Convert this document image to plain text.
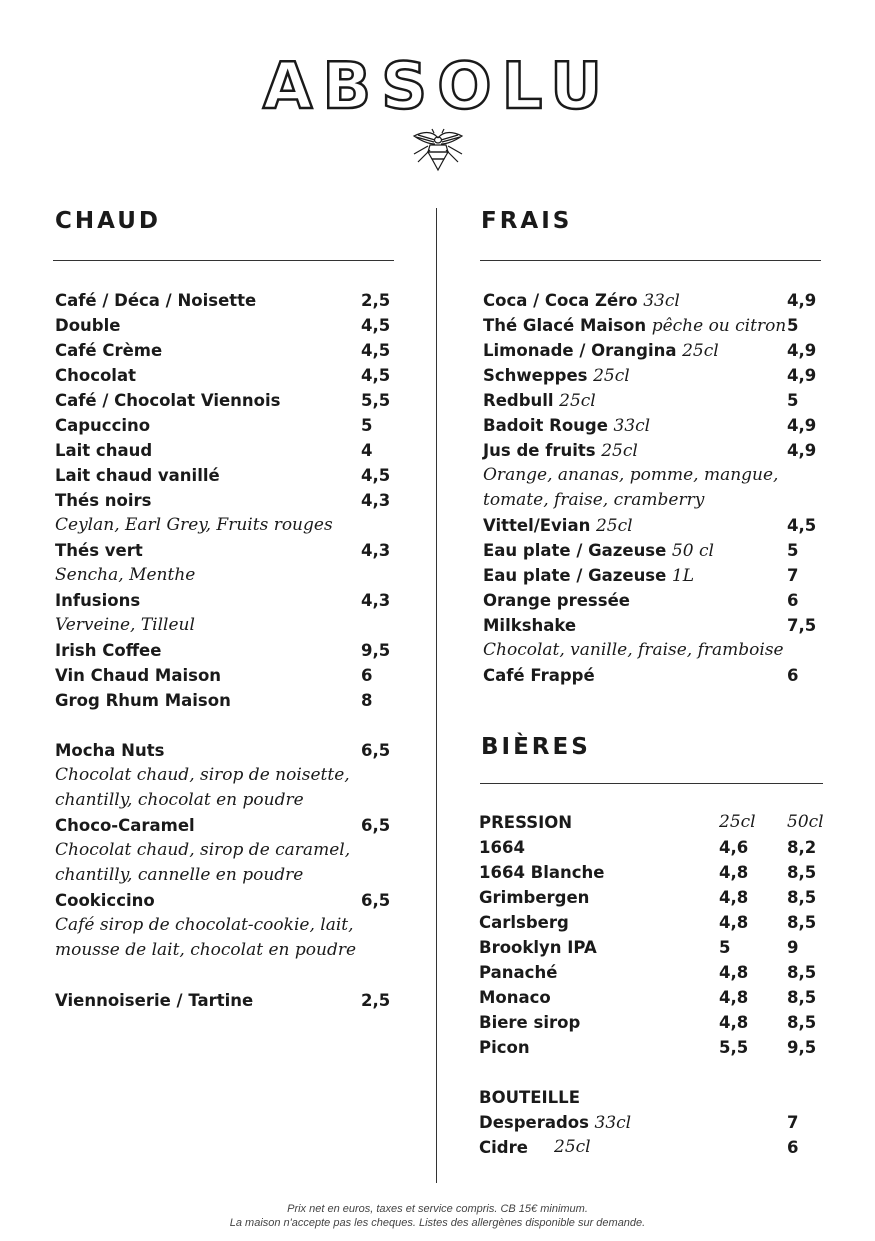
ABSOLU
CHAUD
Café / Déca / Noisette	2,5
Double	4,5
Café Crème	4,5
Chocolat	4,5
Café / Chocolat Viennois	5,5
Capuccino	5
Lait chaud	4
Lait chaud vanillé	4,5
Thés noirs	4,3
Ceylan, Earl Grey, Fruits rouges
Thés vert	4,3
Sencha, Menthe
Infusions	4,3
Verveine, Tilleul
Irish Coffee	9,5
Vin Chaud Maison	6
Grog Rhum Maison	8
Mocha Nuts	6,5
Chocolat chaud, sirop de noisette,
chantilly, chocolat en poudre
Choco-Caramel	6,5
Chocolat chaud, sirop de caramel,
chantilly, cannelle en poudre
Cookiccino	6,5
Café sirop de chocolat-cookie, lait,
mousse de lait, chocolat en poudre
Viennoiserie / Tartine	2,5
FRAIS
Coca / Coca Zéro 33cl	4,9
Thé Glacé Maison pêche ou citron 5
Limonade / Orangina 25cl	4,9
Schweppes 25cl	4,9
Redbull 25cl	5
Badoit Rouge 33cl	4,9
Jus de fruits 25cl	4,9
Orange, ananas, pomme, mangue,
tomate, fraise, cramberry
Vittel/Evian 25cl	4,5
Eau plate / Gazeuse 50 cl	5
Eau plate / Gazeuse 1L	7
Orange pressée	6
Milkshake	7,5
Chocolat, vanille, fraise, framboise
Café Frappé	6
BIÈRES
PRESSION	25cl 50cl
1664	4,6 8,2
1664 Blanche	4,8 8,5
Grimbergen	4,8 8,5
Carlsberg	4,8 8,5
Brooklyn IPA	5	9
Panaché	4,8 8,5
Monaco	4,8 8,5
Biere sirop	4,8 8,5
Picon	5,5 9,5
BOUTEILLE
Desperados 33cl	7
Cidre 25cl	6
Prix net en euros, taxes et service compris. CB 15€ minimum.
La maison n'accepte pas les cheques. Listes des allergènes disponible sur demande.
